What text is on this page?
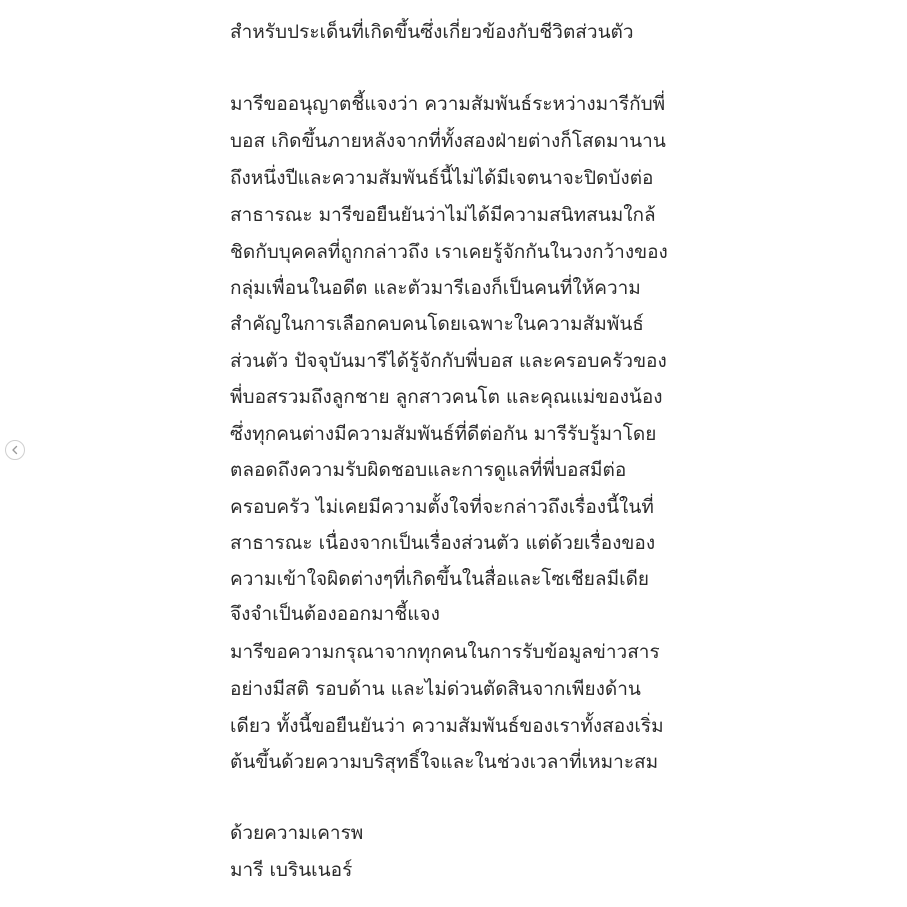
สำหรับประเด็นที่เกิดขึ้นซึ่งเกี่ยวข้องกับชีวิตส่วนตัว
มารีขออนุญาตชี้แจงว่า ความสัมพันธ์ระหว่างมารีกับพี่
บอส เกิดขึ้นภายหลังจากที่ทั้งสองฝ่ายต่างก็โสดมานาน
ถึงหนึ่งปีและความสัมพันธ์นี้ไม่ได้มีเจตนาจะปิดบังต่อ
สาธารณะ มารีขอยืนยันว่าไม่ได้มีความสนิทสนมใกล้
ชิดกับบุคคลที่ถูกกล่าวถึง เราเคยรู้จักกันในวงกว้างของ
กลุ่มเพื่อนในอดีต และตัวมารีเองก็เป็นคนที่ให้ความ
สำคัญในการเลือกคบคนโดยเฉพาะในความสัมพันธ์
ส่วนตัว ปัจจุบันมารีได้รู้จักกับพี่บอส และครอบครัวของ
พี่บอสรวมถึงลูกชาย ลูกสาวคนโต และคุณแม่ของน้อง
ซึ่งทุกคนต่างมีความสัมพันธ์ที่ดีต่อกัน มารีรับรู้มาโดย
ตลอดถึงความรับผิดชอบและการดูแลที่พี่บอสมีต่อ
ครอบครัว ไม่เคยมีความตั้งใจที่จะกล่าวถึงเรื่องนี้ในที่
สาธารณะ เนื่องจากเป็นเรื่องส่วนตัว แต่ด้วยเรื่องของ
ความเข้าใจผิดต่างๆที่เกิดขึ้นในสื่อและโซเชียลมีเดีย
จึงจำเป็นต้องออกมาชี้แจง
มารีขอความกรุณาจากทุกคนในการรับข้อมูลข่าวสาร
อย่างมีสติ รอบด้าน และไม่ด่วนตัดสินจากเพียงด้าน
เดียว ทั้งนี้ขอยืนยันว่า ความสัมพันธ์ของเราทั้งสองเริ่ม
ต้นขึ้นด้วยความบริสุทธิ์ใจและในช่วงเวลาที่เหมาะสม
ด้วยความเคารพ
มารี เบรินเนอร์
